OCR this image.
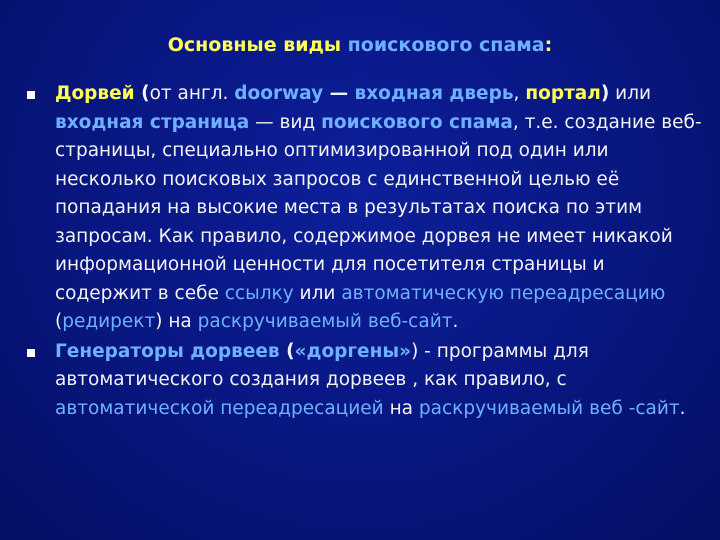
Основные виды поискового спама:
Дорвей (от англ. doorway — входная дверь, портал) или входная страница — вид поискового спама, т.е. создание веб-страницы, специально оптимизированной под один или несколько поисковых запросов с единственной целью её попадания на высокие места в результатах поиска по этим запросам. Как правило, содержимое дорвея не имеет никакой информационной ценности для посетителя страницы и содержит в себе ссылку или автоматическую переадресацию (редирект) на раскручиваемый веб-сайт.
Генераторы дорвеев («доргены») - программы для автоматического создания дорвеев , как правило, с автоматической переадресацией на раскручиваемый веб -сайт.
